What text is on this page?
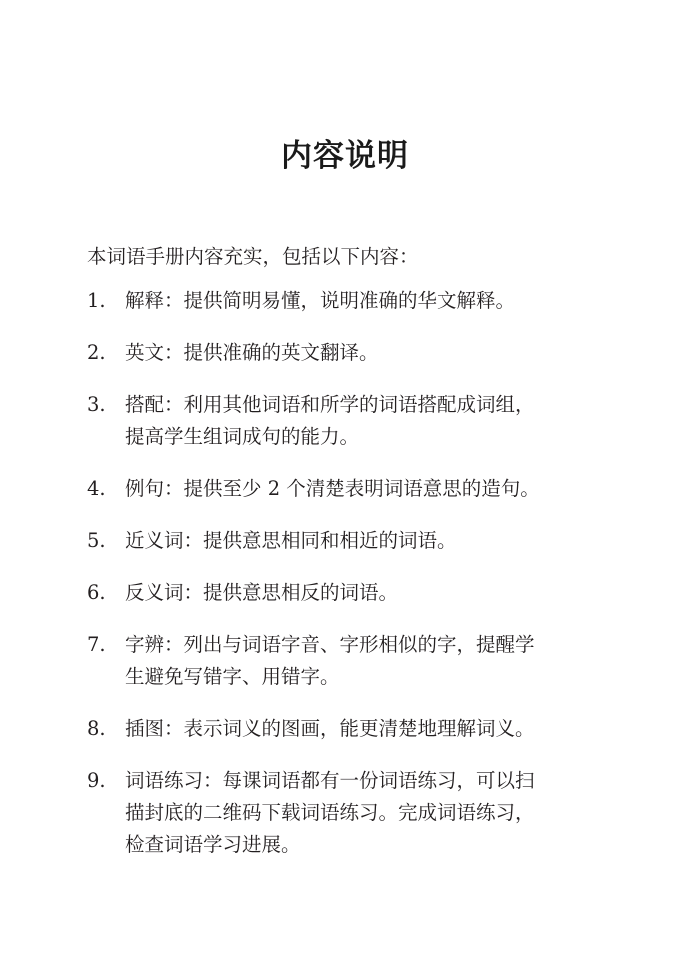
内容说明
本词语手册内容充实，包括以下内容：
1. 解释：提供简明易懂，说明准确的华文解释。
2. 英文：提供准确的英文翻译。
3. 搭配：利用其他词语和所学的词语搭配成词组，
提高学生组词成句的能力。
4. 例句：提供至少 2 个清楚表明词语意思的造句。
5. 近义词：提供意思相同和相近的词语。
6. 反义词：提供意思相反的词语。
7. 字辨：列出与词语字音、字形相似的字，提醒学
生避免写错字、用错字。
8. 插图：表示词义的图画，能更清楚地理解词义。
9. 词语练习：每课词语都有一份词语练习，可以扫
描封底的二维码下载词语练习。完成词语练习，
检查词语学习进展。
